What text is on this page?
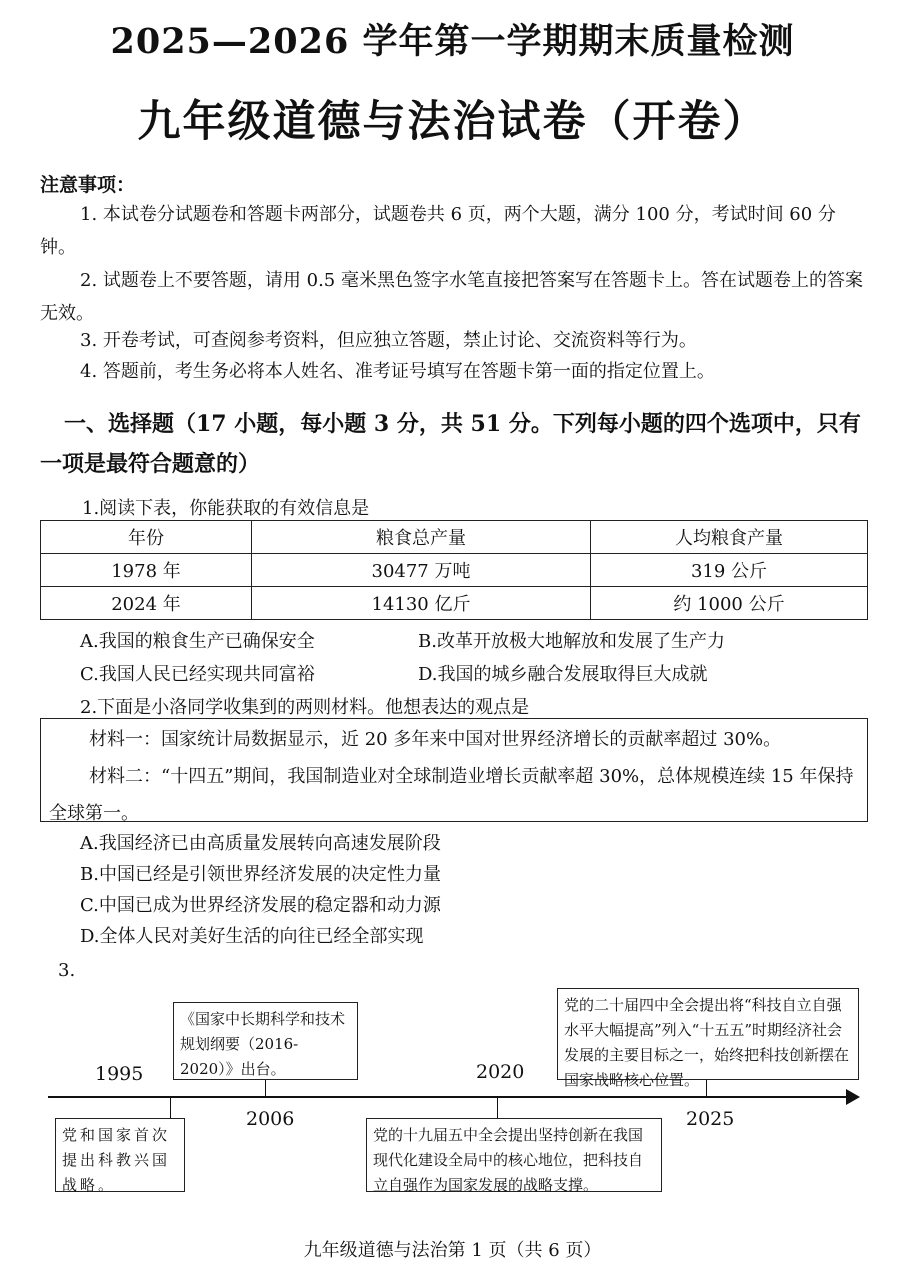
2025—2026 学年第一学期期末质量检测
九年级道德与法治试卷（开卷）
注意事项：
1. 本试卷分试题卷和答题卡两部分，试题卷共 6 页，两个大题，满分 100 分，考试时间 60 分钟。
2. 试题卷上不要答题，请用 0.5 毫米黑色签字水笔直接把答案写在答题卡上。答在试题卷上的答案无效。
3. 开卷考试，可查阅参考资料，但应独立答题，禁止讨论、交流资料等行为。
4. 答题前，考生务必将本人姓名、准考证号填写在答题卡第一面的指定位置上。
一、选择题（17 小题，每小题 3 分，共 51 分。下列每小题的四个选项中，只有一项是最符合题意的）
1.阅读下表，你能获取的有效信息是
年份	粮食总产量	人均粮食产量
1978 年	30477 万吨	319 公斤
2024 年	14130 亿斤	约 1000 公斤
A.我国的粮食生产已确保安全	B.改革开放极大地解放和发展了生产力
C.我国人民已经实现共同富裕	D.我国的城乡融合发展取得巨大成就
2.下面是小洛同学收集到的两则材料。他想表达的观点是
材料一：国家统计局数据显示，近 20 多年来中国对世界经济增长的贡献率超过 30%。
材料二：“十四五”期间，我国制造业对全球制造业增长贡献率超 30%，总体规模连续 15 年保持全球第一。
A.我国经济已由高质量发展转向高速发展阶段
B.中国已经是引领世界经济发展的决定性力量
C.中国已成为世界经济发展的稳定器和动力源
D.全体人民对美好生活的向往已经全部实现
3.
1995
2006
2020
2025
党和国家首次提出科教兴国战略。
《国家中长期科学和技术规划纲要（2016-2020）》出台。
党的十九届五中全会提出坚持创新在我国现代化建设全局中的核心地位，把科技自立自强作为国家发展的战略支撑。
党的二十届四中全会提出将“科技自立自强水平大幅提高”列入“十五五”时期经济社会发展的主要目标之一，始终把科技创新摆在国家战略核心位置。
九年级道德与法治第 1 页（共 6 页）
